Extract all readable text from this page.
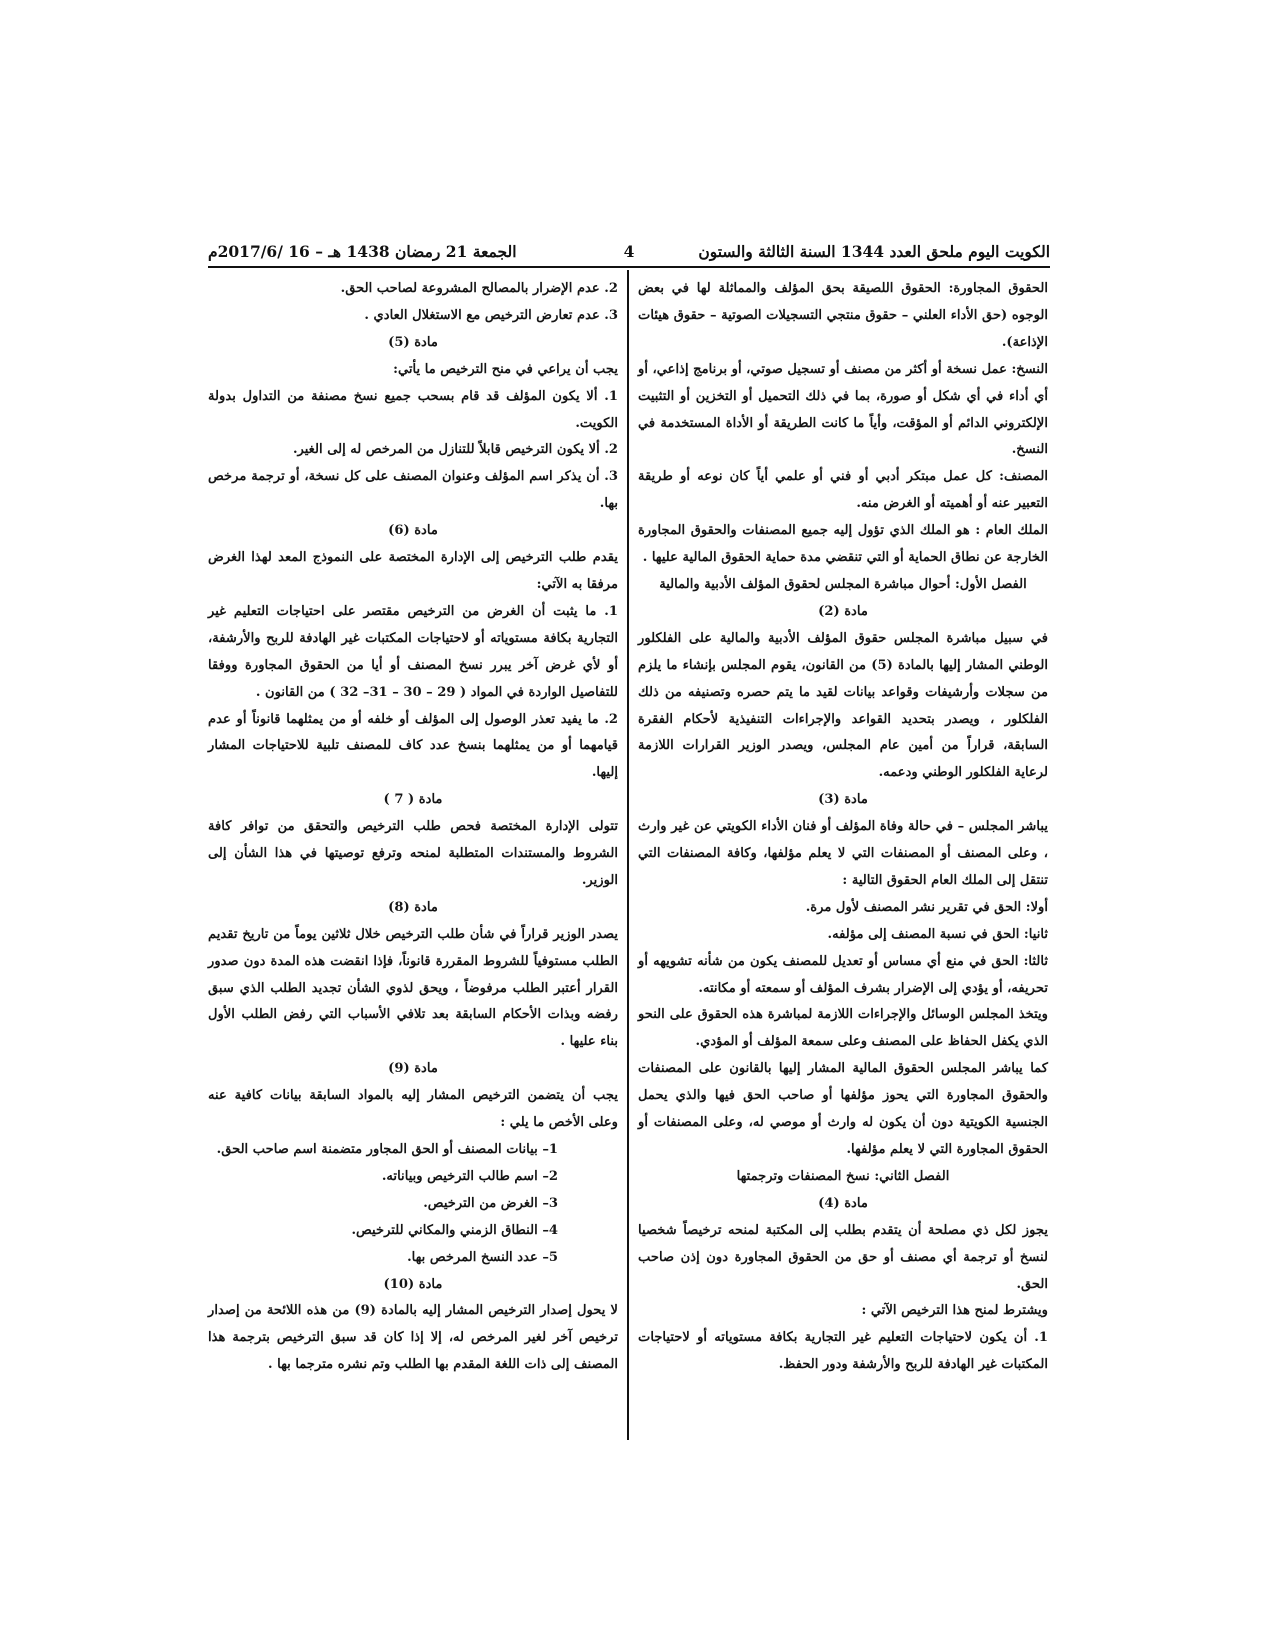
الكويت اليوم ملحق العدد 1344 السنة الثالثة والستون
4
الجمعة 21 رمضان 1438 هـ – 16 /2017/6م

الحقوق المجاورة: الحقوق اللصيقة بحق المؤلف والمماثلة لها في بعض الوجوه (حق الأداء العلني – حقوق منتجي التسجيلات الصوتية – حقوق هيئات الإذاعة).

النسخ: عمل نسخة أو أكثر من مصنف أو تسجيل صوتي، أو برنامج إذاعي، أو أي أداء في أي شكل أو صورة، بما في ذلك التحميل أو التخزين أو التثبيت الإلكتروني الدائم أو المؤقت، وأياً ما كانت الطريقة أو الأداة المستخدمة في النسخ.

المصنف: كل عمل مبتكر أدبي أو فني أو علمي أياً كان نوعه أو طريقة التعبير عنه أو أهميته أو الغرض منه.

الملك العام : هو الملك الذي تؤول إليه جميع المصنفات والحقوق المجاورة الخارجة عن نطاق الحماية أو التي تنقضي مدة حماية الحقوق المالية عليها .

الفصل الأول: أحوال مباشرة المجلس لحقوق المؤلف الأدبية والمالية

مادة (2)

في سبيل مباشرة المجلس حقوق المؤلف الأدبية والمالية على الفلكلور الوطني المشار إليها بالمادة (5) من القانون، يقوم المجلس بإنشاء ما يلزم من سجلات وأرشيفات وقواعد بيانات لقيد ما يتم حصره وتصنيفه من ذلك الفلكلور ، ويصدر بتحديد القواعد والإجراءات التنفيذية لأحكام الفقرة السابقة، قراراً من أمين عام المجلس، ويصدر الوزير القرارات اللازمة لرعاية الفلكلور الوطني ودعمه.

مادة (3)

يباشر المجلس – في حالة وفاة المؤلف أو فنان الأداء الكويتي عن غير وارث ، وعلى المصنف أو المصنفات التي لا يعلم مؤلفها، وكافة المصنفات التي تنتقل إلى الملك العام الحقوق التالية :

أولا: الحق في تقرير نشر المصنف لأول مرة.

ثانيا: الحق في نسبة المصنف إلى مؤلفه.

ثالثا: الحق في منع أي مساس أو تعديل للمصنف يكون من شأنه تشويهه أو تحريفه، أو يؤدي إلى الإضرار بشرف المؤلف أو سمعته أو مكانته.

ويتخذ المجلس الوسائل والإجراءات اللازمة لمباشرة هذه الحقوق على النحو الذي يكفل الحفاظ على المصنف وعلى سمعة المؤلف أو المؤدي.

كما يباشر المجلس الحقوق المالية المشار إليها بالقانون على المصنفات والحقوق المجاورة التي يحوز مؤلفها أو صاحب الحق فيها والذي يحمل الجنسية الكويتية دون أن يكون له وارث أو موصي له، وعلى المصنفات أو الحقوق المجاورة التي لا يعلم مؤلفها.

الفصل الثاني: نسخ المصنفات وترجمتها

مادة (4)

يجوز لكل ذي مصلحة أن يتقدم بطلب إلى المكتبة لمنحه ترخيصاً شخصيا لنسخ أو ترجمة أي مصنف أو حق من الحقوق المجاورة دون إذن صاحب الحق.

ويشترط لمنح هذا الترخيص الآتي :

1. أن يكون لاحتياجات التعليم غير التجارية بكافة مستوياته أو لاحتياجات المكتبات غير الهادفة للربح والأرشفة ودور الحفظ.

2. عدم الإضرار بالمصالح المشروعة لصاحب الحق.

3. عدم تعارض الترخيص مع الاستغلال العادي .

مادة (5)

يجب أن يراعي في منح الترخيص ما يأتي:

1. ألا يكون المؤلف قد قام بسحب جميع نسخ مصنفة من التداول بدولة الكويت.

2. ألا يكون الترخيص قابلاً للتنازل من المرخص له إلى الغير.

3. أن يذكر اسم المؤلف وعنوان المصنف على كل نسخة، أو ترجمة مرخص بها.

مادة (6)

يقدم طلب الترخيص إلى الإدارة المختصة على النموذج المعد لهذا الغرض مرفقا به الآتي:

1. ما يثبت أن الغرض من الترخيص مقتصر على احتياجات التعليم غير التجارية بكافة مستوياته أو لاحتياجات المكتبات غير الهادفة للربح والأرشفة، أو لأي غرض آخر يبرر نسخ المصنف أو أيا من الحقوق المجاورة ووفقا للتفاصيل الواردة في المواد ( 29 – 30 – 31– 32 ) من القانون .

2. ما يفيد تعذر الوصول إلى المؤلف أو خلفه أو من يمثلهما قانوناً أو عدم قيامهما أو من يمثلهما بنسخ عدد كاف للمصنف تلبية للاحتياجات المشار إليها.

مادة ( 7 )

تتولى الإدارة المختصة فحص طلب الترخيص والتحقق من توافر كافة الشروط والمستندات المتطلبة لمنحه وترفع توصيتها في هذا الشأن إلى الوزير.

مادة (8)

يصدر الوزير قراراً في شأن طلب الترخيص خلال ثلاثين يوماً من تاريخ تقديم الطلب مستوفياً للشروط المقررة قانوناً، فإذا انقضت هذه المدة دون صدور القرار أعتبر الطلب مرفوضاً ، ويحق لذوي الشأن تجديد الطلب الذي سبق رفضه وبذات الأحكام السابقة بعد تلافي الأسباب التي رفض الطلب الأول بناء عليها .

مادة (9)

يجب أن يتضمن الترخيص المشار إليه بالمواد السابقة بيانات كافية عنه وعلى الأخص ما يلي :

1– بيانات المصنف أو الحق المجاور متضمنة اسم صاحب الحق.

2– اسم طالب الترخيص وبياناته.

3– الغرض من الترخيص.

4– النطاق الزمني والمكاني للترخيص.

5– عدد النسخ المرخص بها.

مادة (10)

لا يحول إصدار الترخيص المشار إليه بالمادة (9) من هذه اللائحة من إصدار ترخيص آخر لغير المرخص له، إلا إذا كان قد سبق الترخيص بترجمة هذا المصنف إلى ذات اللغة المقدم بها الطلب وتم نشره مترجما بها .
